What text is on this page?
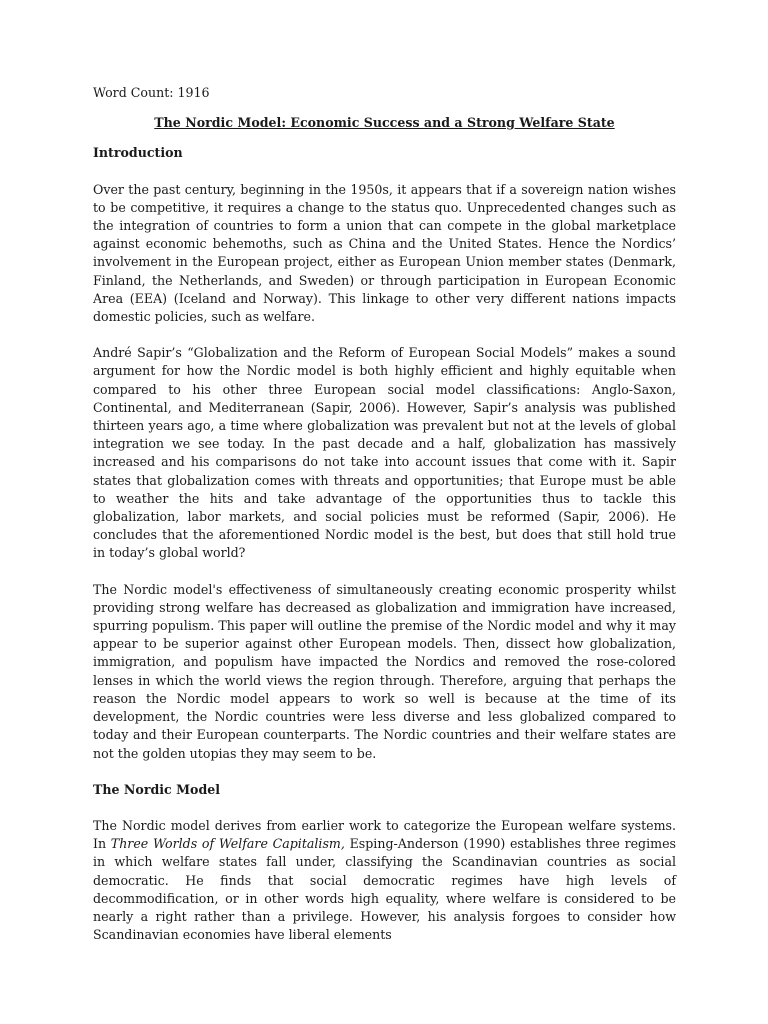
Word Count: 1916

The Nordic Model: Economic Success and a Strong Welfare State

Introduction

Over the past century, beginning in the 1950s, it appears that if a sovereign nation wishes to be competitive, it requires a change to the status quo. Unprecedented changes such as the integration of countries to form a union that can compete in the global marketplace against economic behemoths, such as China and the United States. Hence the Nordics’ involvement in the European project, either as European Union member states (Denmark, Finland, the Netherlands, and Sweden) or through participation in European Economic Area (EEA) (Iceland and Norway). This linkage to other very different nations impacts domestic policies, such as welfare.

André Sapir’s “Globalization and the Reform of European Social Models” makes a sound argument for how the Nordic model is both highly efficient and highly equitable when compared to his other three European social model classifications: Anglo-Saxon, Continental, and Mediterranean (Sapir, 2006). However, Sapir’s analysis was published thirteen years ago, a time where globalization was prevalent but not at the levels of global integration we see today. In the past decade and a half, globalization has massively increased and his comparisons do not take into account issues that come with it. Sapir states that globalization comes with threats and opportunities; that Europe must be able to weather the hits and take advantage of the opportunities thus to tackle this globalization, labor markets, and social policies must be reformed (Sapir, 2006). He concludes that the aforementioned Nordic model is the best, but does that still hold true in today’s global world?

The Nordic model's effectiveness of simultaneously creating economic prosperity whilst providing strong welfare has decreased as globalization and immigration have increased, spurring populism. This paper will outline the premise of the Nordic model and why it may appear to be superior against other European models. Then, dissect how globalization, immigration, and populism have impacted the Nordics and removed the rose-colored lenses in which the world views the region through. Therefore, arguing that perhaps the reason the Nordic model appears to work so well is because at the time of its development, the Nordic countries were less diverse and less globalized compared to today and their European counterparts. The Nordic countries and their welfare states are not the golden utopias they may seem to be.

The Nordic Model

The Nordic model derives from earlier work to categorize the European welfare systems. In Three Worlds of Welfare Capitalism, Esping-Anderson (1990) establishes three regimes in which welfare states fall under, classifying the Scandinavian countries as social democratic. He finds that social democratic regimes have high levels of decommodification, or in other words high equality, where welfare is considered to be nearly a right rather than a privilege. However, his analysis forgoes to consider how Scandinavian economies have liberal elements
